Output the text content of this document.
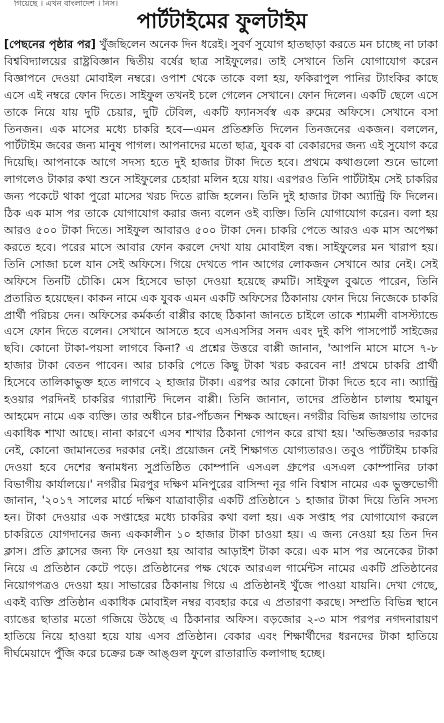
গিয়েছে । এখন বাংলাদেশ । নিস।
পার্টটাইমের ফুলটাইম
[পেছনের পৃষ্ঠার পর] খুঁজছিলেন অনেক দিন ধরেই। সুবর্ণ সুযোগ হাতছাড়া করতে মন চাচ্ছে না ঢাকা বিশ্ববিদ্যালয়ের রাষ্ট্রবিজ্ঞান দ্বিতীয় বর্ষের ছাত্র সাইফুলের। তাই সেখানে তিনি যোগাযোগ করেন বিজ্ঞাপনে দেওয়া মোবাইল নম্বরে। ওপাশ থেকে তাকে বলা হয়, ফকিরাপুল পানির ট্যাংকির কাছে এসে এই নম্বরে ফোন দিতে। সাইফুল তখনই চলে গেলেন সেখানে। ফোন দিলেন। একটি ছেলে এসে তাকে নিয়ে যায় দুটি চেয়ার, দুটি টেবিল, একটি ফ্যানসর্বস্ব এক রুমের অফিসে। সেখানে বসা তিনজন। এক মাসের মধ্যে চাকরি হবে—এমন প্রতিশ্রুতি দিলেন তিনজনের একজন। বললেন, পার্টটাইম জবের জন্য মানুষ পাগল। আপনাদের মতো ছাত্র, যুবক বা বেকারদের জন্য এই সুযোগ করে দিয়েছি। আপনাকে আগে সদস্য হতে দুই হাজার টাকা দিতে হবে। প্রথমে কথাগুলো শুনে ভালো লাগলেও টাকার কথা শুনে সাইফুলের চেহারা মলিন হয়ে যায়। এরপরও তিনি পার্টটাইম সেই চাকরির জন্য পকেটে থাকা পুরো মাসের খরচ দিতে রাজি হলেন। তিনি দুই হাজার টাকা অ্যান্ট্রি ফি দিলেন। ঠিক এক মাস পর তাকে যোগাযোগ করার জন্য বলেন ওই ব্যক্তি। তিনি যোগাযোগ করেন। বলা হয় আরও ৫০০ টাকা দিতে। সাইফুল আবারও ৫০০ টাকা দেন। চাকরি পেতে আরও এক মাস অপেক্ষা করতে হবে। পরের মাসে আবার ফোন করলে দেখা যায় মোবাইল বন্ধ। সাইফুলের মন খারাপ হয়। তিনি সোজা চলে যান সেই অফিসে। গিয়ে দেখতে পান আগের লোকজন সেখানে আর নেই। সেই অফিসে তিনটি চৌকি। মেস হিসেবে ভাড়া দেওয়া হয়েছে রুমটি। সাইফুল বুঝতে পারেন, তিনি প্রতারিত হয়েছেন। কাকন নামে এক যুবক এমন একটি অফিসের ঠিকানায় ফোন দিয়ে নিজেকে চাকরি প্রার্থী পরিচয় দেন। অফিসের কর্মকর্তা বাপ্পীর কাছে ঠিকানা জানতে চাইলে তাকে শ্যামলী বাসস্ট্যান্ডে এসে ফোন দিতে বলেন। সেখানে আসতে হবে এসএসসির সনদ এবং দুই কপি পাসপোর্ট সাইজের ছবি। কোনো টাকা-পয়সা লাগবে কিনা? এ প্রশ্নের উত্তরে বাপ্পী জানান, 'আপনি মাসে মাসে ৭-৮ হাজার টাকা বেতন পাবেন। আর চাকরি পেতে কিছু টাকা খরচ করবেন না! প্রথমে চাকরি প্রার্থী হিসেবে তালিকাভুক্ত হতে লাগবে ২ হাজার টাকা। এরপর আর কোনো টাকা দিতে হবে না। অ্যান্ট্রি হওয়ার পরদিনই চাকরির গ্যারান্টি দিলেন বাপ্পী। তিনি জানান, তাদের প্রতিষ্ঠান চালায় হুমায়ুন আহমেদ নামে এক ব্যক্তি। তার অধীনে চার-পাঁচজন শিক্ষক আছেন। নগরীর বিভিন্ন জায়গায় তাদের একাধিক শাখা আছে। নানা কারণে এসব শাখার ঠিকানা গোপন করে রাখা হয়। 'অভিজ্ঞতার দরকার নেই, কোনো জামানতের দরকার নেই। প্রয়োজন নেই শিক্ষাগত যোগ্যতারও। তবুও পার্টটাইম চাকরি দেওয়া হবে দেশের স্বনামধন্য সুপ্রতিষ্ঠিত কোম্পানি এসএল গ্রুপের এসএল কোম্পানির ঢাকা বিভাগীয় কার্যালয়ে।' নগরীর মিরপুর দক্ষিণ মনিপুরের বাসিন্দা নূর গনি বিশ্বাস নামের এক ভুক্তভোগী জানান, '২০১৭ সালের মার্চে দক্ষিণ যাত্রাবাড়ীর একটি প্রতিষ্ঠানে ১ হাজার টাকা দিয়ে তিনি সদস্য হন। টাকা দেওয়ার এক সপ্তাহের মধ্যে চাকরির কথা বলা হয়। এক সপ্তাহ পর যোগাযোগ করলে চাকরিতে যোগদানের জন্য এককালীন ১০ হাজার টাকা চাওয়া হয়। এ জন্য নেওয়া হয় তিন দিন ক্লাস। প্রতি ক্লাসের জন্য ফি নেওয়া হয় আবার আড়াইশ টাকা করে। এক মাস পর অনেকের টাকা নিয়ে এ প্রতিষ্ঠান কেটে পড়ে। প্রতিষ্ঠানের পক্ষ থেকে আরএল গার্মেন্টস নামের একটি প্রতিষ্ঠানের নিয়োগপত্রও দেওয়া হয়। সাভারের ঠিকানায় গিয়ে এ প্রতিষ্ঠানই খুঁজে পাওয়া যায়নি। দেখা গেছে, একই ব্যক্তি প্রতিষ্ঠান একাধিক মোবাইল নম্বর ব্যবহার করে এ প্রতারণা করছে। সম্প্রতি বিভিন্ন স্থানে ব্যাঙের ছাতার মতো গজিয়ে উঠছে এ ঠিকানার অফিস। বড়জোর ২-৩ মাস পরপর নগদনারায়ণ হাতিয়ে নিয়ে হাওয়া হয়ে যায় এসব প্রতিষ্ঠান। বেকার এবং শিক্ষার্থীদের ধরনদের টাকা হাতিয়ে দীর্ঘমেয়াদে পুঁজি করে চক্রের চক্র আঙ্গুল ফুলে রাতারাতি কলাগাছ হচ্ছে।
